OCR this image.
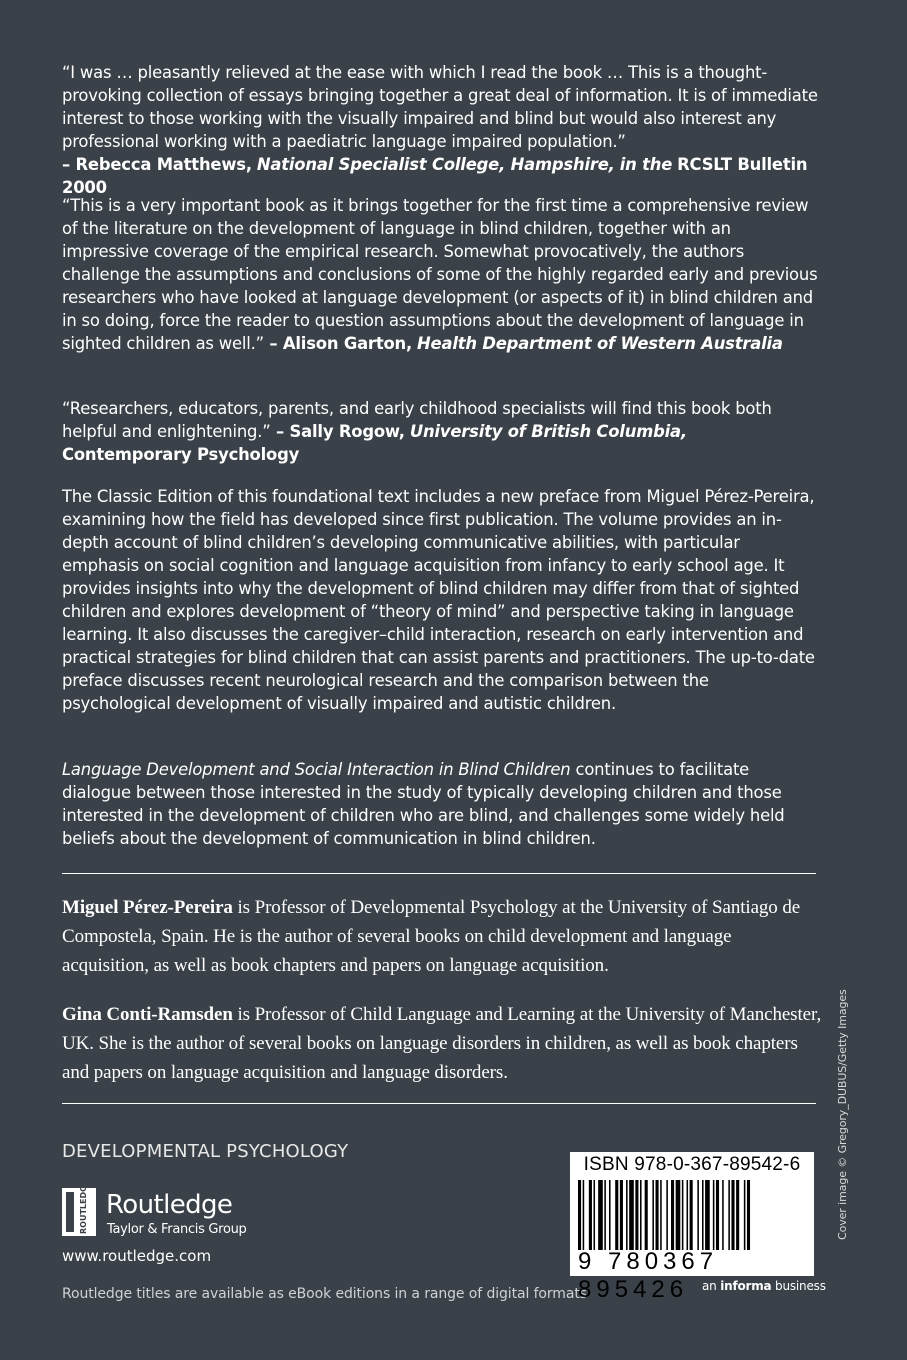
“I was … pleasantly relieved at the ease with which I read the book … This is a thought-provoking collection of essays bringing together a great deal of information. It is of immediate interest to those working with the visually impaired and blind but would also interest any professional working with a paediatric language impaired population.”
– Rebecca Matthews, National Specialist College, Hampshire, in the RCSLT Bulletin 2000

“This is a very important book as it brings together for the first time a comprehensive review of the literature on the development of language in blind children, together with an impressive coverage of the empirical research. Somewhat provocatively, the authors challenge the assumptions and conclusions of some of the highly regarded early and previous researchers who have looked at language development (or aspects of it) in blind children and in so doing, force the reader to question assumptions about the development of language in sighted children as well.” – Alison Garton, Health Department of Western Australia

“Researchers, educators, parents, and early childhood specialists will find this book both helpful and enlightening.” – Sally Rogow, University of British Columbia, Contemporary Psychology

The Classic Edition of this foundational text includes a new preface from Miguel Pérez-Pereira, examining how the field has developed since first publication. The volume provides an in-depth account of blind children’s developing communicative abilities, with particular emphasis on social cognition and language acquisition from infancy to early school age. It provides insights into why the development of blind children may differ from that of sighted children and explores development of “theory of mind” and perspective taking in language learning. It also discusses the caregiver–child interaction, research on early intervention and practical strategies for blind children that can assist parents and practitioners. The up-to-date preface discusses recent neurological research and the comparison between the psychological development of visually impaired and autistic children.

Language Development and Social Interaction in Blind Children continues to facilitate dialogue between those interested in the study of typically developing children and those interested in the development of children who are blind, and challenges some widely held beliefs about the development of communication in blind children.

Miguel Pérez-Pereira is Professor of Developmental Psychology at the University of Santiago de Compostela, Spain. He is the author of several books on child development and language acquisition, as well as book chapters and papers on language acquisition.

Gina Conti-Ramsden is Professor of Child Language and Learning at the University of Manchester, UK. She is the author of several books on language disorders in children, as well as book chapters and papers on language acquisition and language disorders.

DEVELOPMENTAL PSYCHOLOGY
ROUTLEDGE Routledge
Taylor & Francis Group
www.routledge.com
Routledge titles are available as eBook editions in a range of digital formats
ISBN 978-0-367-89542-6
9 780367 895426	an informa business
Cover image © Gregory_DUBUS/Getty Images
